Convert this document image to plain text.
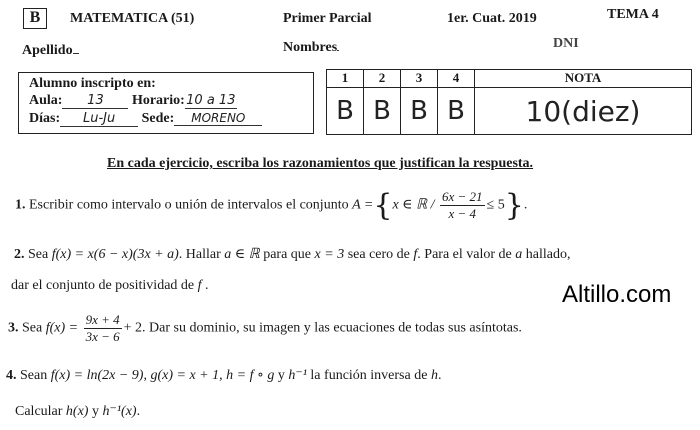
B	MATEMATICA (51)	Primer Parcial	1er. Cuat. 2019	TEMA 4
Apellido	Nombres	DNI
Alumno inscripto en:
Aula: 13 Horario:10 a 13
Días: Lu-Ju Sede: MORENO
1	2	3	4	NOTA
B	B	B	B	10(diez)
En cada ejercicio, escriba los razonamientos que justifican la respuesta.
1. Escribir como intervalo o unión de intervalos el conjunto A ={x ∈ ℝ / $\frac{6x - 21}{x - 4} \le 5$}.
2. Sea f(x) = x(6 − x)(3x + a). Hallar a ∈ ℝ para que x = 3 sea cero de f. Para el valor de a hallado,
dar el conjunto de positividad de f .	Altillo.com
3. Sea $f(x) = \frac{9x + 4}{3x - 6} + 2$. Dar su dominio, su imagen y las ecuaciones de todas sus asíntotas.
4. Sean f(x) = ln(2x − 9), g(x) = x + 1, h = f ∘ g y h⁻¹ la función inversa de h.
Calcular h(x) y h⁻¹(x).
